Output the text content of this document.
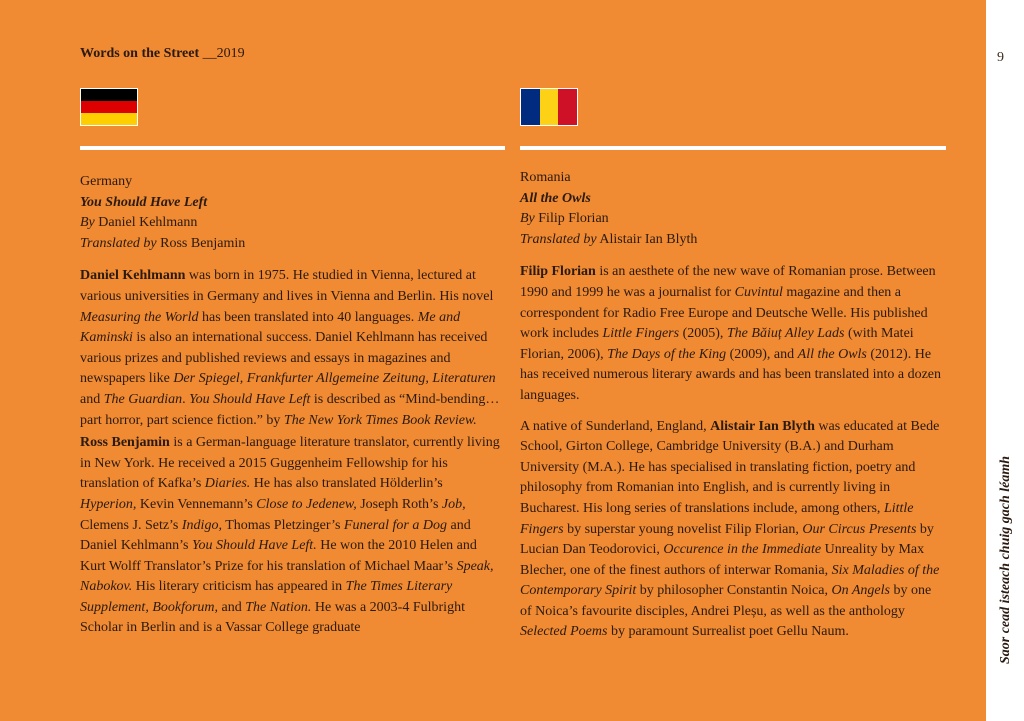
Words on the Street __2019	9
Saor cead isteach chuig gach léamh
Germany
You Should Have Left
By Daniel Kehlmann
Translated by Ross Benjamin

Daniel Kehlmann was born in 1975. He studied in Vienna, lectured at various universities in Germany and lives in Vienna and Berlin. His novel Measuring the World has been translated into 40 languages. Me and Kaminski is also an international success. Daniel Kehlmann has received various prizes and published reviews and essays in magazines and newspapers like Der Spiegel, Frankfurter Allgemeine Zeitung, Literaturen and The Guardian. You Should Have Left is described as “Mind-bending… part horror, part science fiction.” by The New York Times Book Review.

Ross Benjamin is a German-language literature translator, currently living in New York. He received a 2015 Guggenheim Fellowship for his translation of Kafka’s Diaries. He has also translated Hölderlin’s Hyperion, Kevin Vennemann’s Close to Jedenew, Joseph Roth’s Job, Clemens J. Setz’s Indigo, Thomas Pletzinger’s Funeral for a Dog and Daniel Kehlmann’s You Should Have Left. He won the 2010 Helen and Kurt Wolff Translator’s Prize for his translation of Michael Maar’s Speak, Nabokov. His literary criticism has appeared in The Times Literary Supplement, Bookforum, and The Nation. He was a 2003-4 Fulbright Scholar in Berlin and is a Vassar College graduate

Romania
All the Owls
By Filip Florian
Translated by Alistair Ian Blyth

Filip Florian is an aesthete of the new wave of Romanian prose. Between 1990 and 1999 he was a journalist for Cuvintul magazine and then a correspondent for Radio Free Europe and Deutsche Welle. His published work includes Little Fingers (2005), The Băiuț Alley Lads (with Matei Florian, 2006), The Days of the King (2009), and All the Owls (2012). He has received numerous literary awards and has been translated into a dozen languages.

A native of Sunderland, England, Alistair Ian Blyth was educated at Bede School, Girton College, Cambridge University (B.A.) and Durham University (M.A.). He has specialised in translating fiction, poetry and philosophy from Romanian into English, and is currently living in Bucharest. His long series of translations include, among others, Little Fingers by superstar young novelist Filip Florian, Our Circus Presents by Lucian Dan Teodorovici, Occurence in the Immediate Unreality by Max Blecher, one of the finest authors of interwar Romania, Six Maladies of the Contemporary Spirit by philosopher Constantin Noica, On Angels by one of Noica’s favourite disciples, Andrei Pleșu, as well as the anthology Selected Poems by paramount Surrealist poet Gellu Naum.
